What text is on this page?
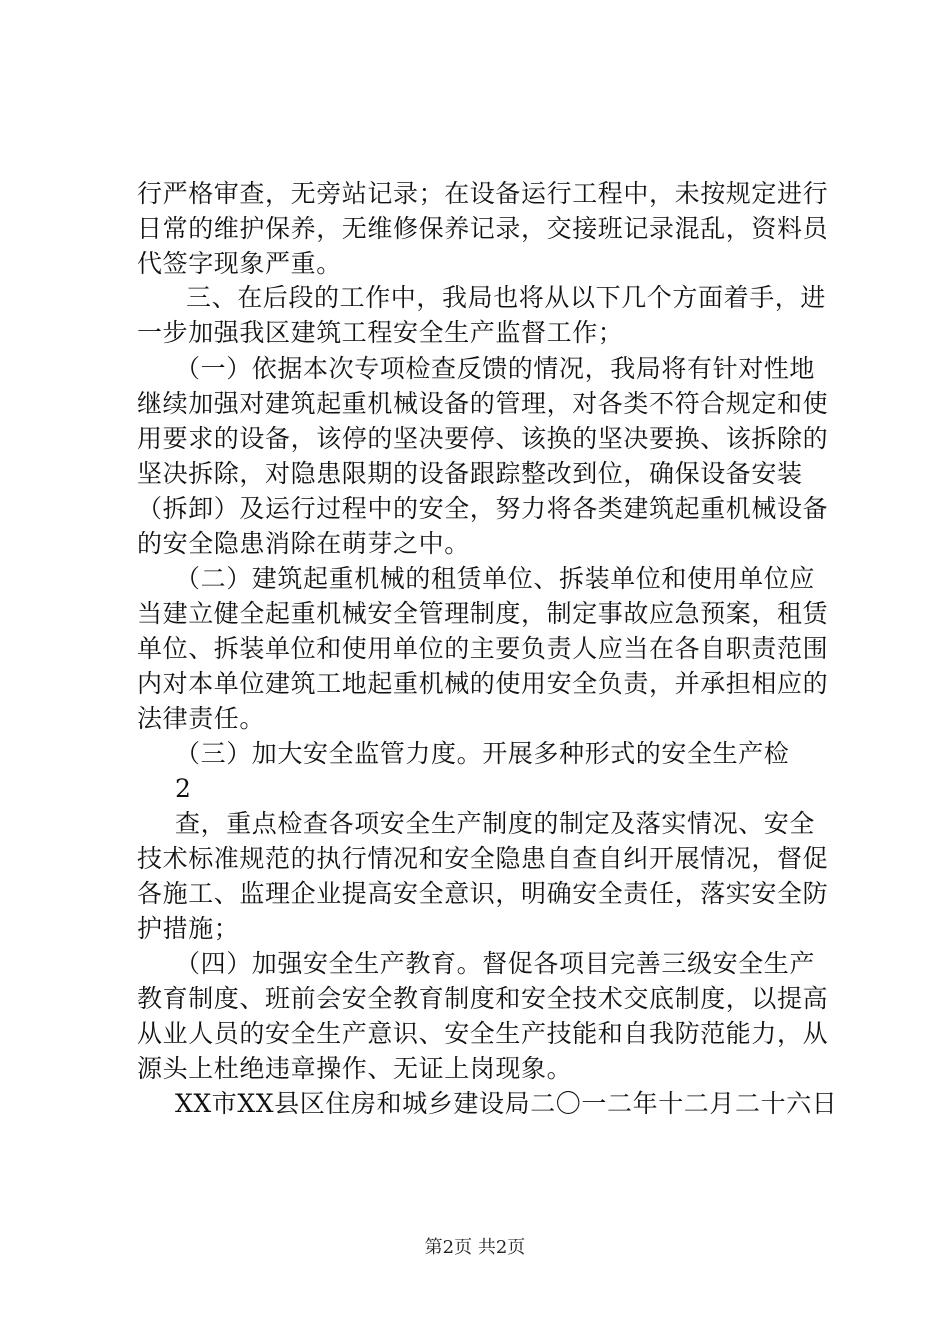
行严格审查，无旁站记录；在设备运行工程中，未按规定进行
日常的维护保养，无维修保养记录，交接班记录混乱，资料员
代签字现象严重。
三、在后段的工作中，我局也将从以下几个方面着手，进
一步加强我区建筑工程安全生产监督工作；
（一）依据本次专项检查反馈的情况，我局将有针对性地
继续加强对建筑起重机械设备的管理，对各类不符合规定和使
用要求的设备，该停的坚决要停、该换的坚决要换、该拆除的
坚决拆除，对隐患限期的设备跟踪整改到位，确保设备安装
（拆卸）及运行过程中的安全，努力将各类建筑起重机械设备
的安全隐患消除在萌芽之中。
（二）建筑起重机械的租赁单位、拆装单位和使用单位应
当建立健全起重机械安全管理制度，制定事故应急预案，租赁
单位、拆装单位和使用单位的主要负责人应当在各自职责范围
内对本单位建筑工地起重机械的使用安全负责，并承担相应的
法律责任。
（三）加大安全监管力度。开展多种形式的安全生产检
2
查，重点检查各项安全生产制度的制定及落实情况、安全
技术标准规范的执行情况和安全隐患自查自纠开展情况，督促
各施工、监理企业提高安全意识，明确安全责任，落实安全防
护措施；
（四）加强安全生产教育。督促各项目完善三级安全生产
教育制度、班前会安全教育制度和安全技术交底制度，以提高
从业人员的安全生产意识、安全生产技能和自我防范能力，从
源头上杜绝违章操作、无证上岗现象。
XX市XX县区住房和城乡建设局二〇一二年十二月二十六日
第2页 共2页
